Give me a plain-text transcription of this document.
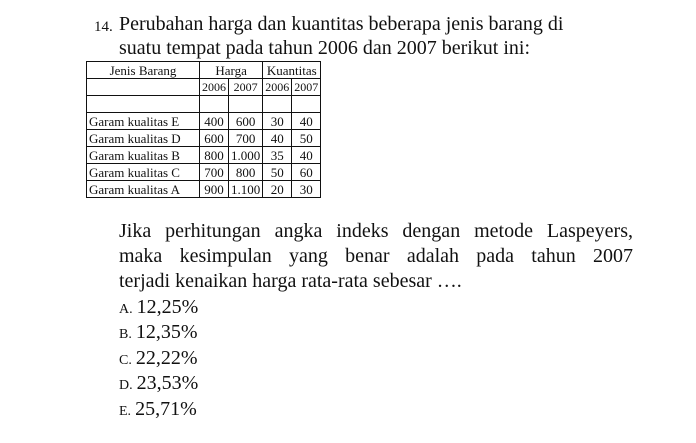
14. Perubahan harga dan kuantitas beberapa jenis barang di
suatu tempat pada tahun 2006 dan 2007 berikut ini:
Jenis Barang	Harga		Kuantitas	
	2006	2007	2006	2007

Garam kualitas E	400	600	30	40
Garam kualitas D	600	700	40	50
Garam kualitas B	800	1.000	35	40
Garam kualitas C	700	800	50	60
Garam kualitas A	900	1.100	20	30
Jika perhitungan angka indeks dengan metode Laspeyers,
maka kesimpulan yang benar adalah pada tahun 2007
terjadi kenaikan harga rata-rata sebesar ….
A. 12,25%
B. 12,35%
C. 22,22%
D. 23,53%
E. 25,71%
